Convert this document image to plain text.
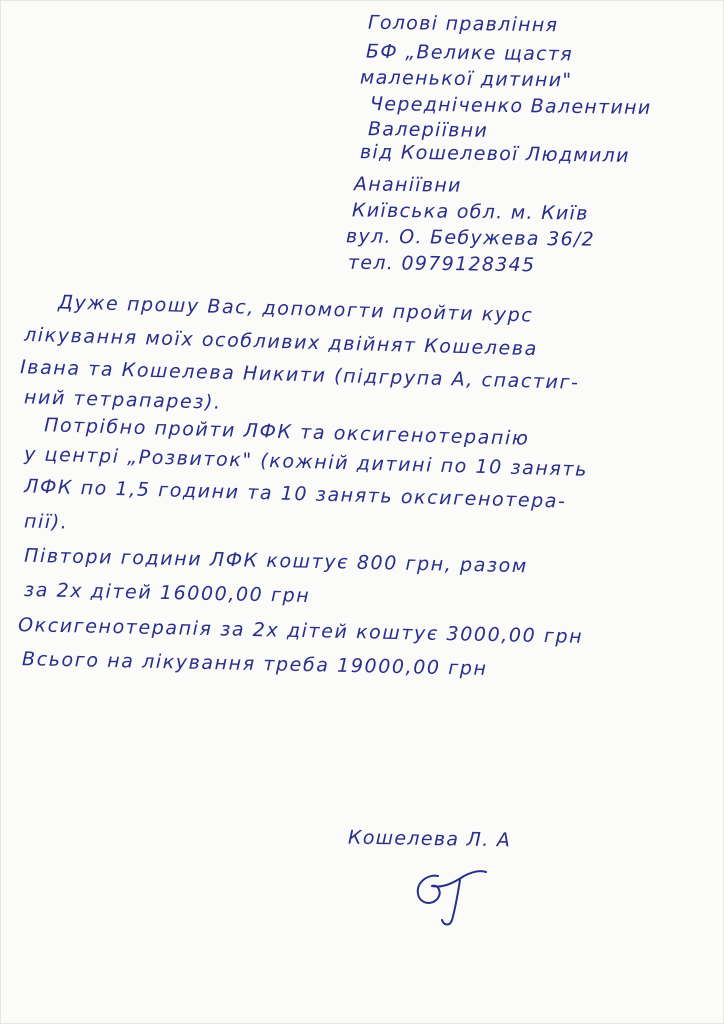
Голові правління
БФ „Велике щастя
маленької дитини"
Чередніченко Валентини
Валеріївни
від Кошелевої Людмили
Ананіївни
Київська обл. м. Київ
вул. О. Бебужева 36/2
тел. 0979128345
Дуже прошу Вас, допомогти пройти курс
лікування моїх особливих двійнят Кошелева
Івана та Кошелева Никити (підгрупа А, спастиг-
ний тетрапарез).
Потрібно пройти ЛФК та оксигенотерапію
у центрі „Розвиток" (кожній дитині по 10 занять
ЛФК по 1,5 години та 10 занять оксигенотера-
пії).
Півтори години ЛФК коштує 800 грн, разом
за 2х дітей 16000,00 грн
Оксигенотерапія за 2х дітей коштує 3000,00 грн
Всього на лікування треба 19000,00 грн
Кошелева Л. А
